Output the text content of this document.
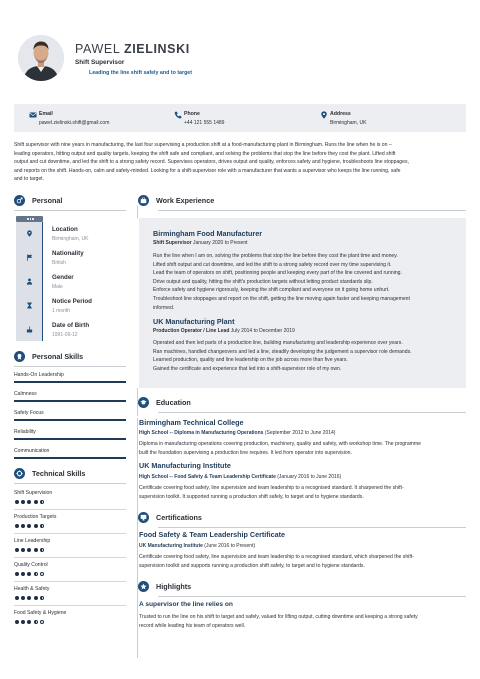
PAWEL ZIELINSKI
Shift Supervisor
Leading the line shift safely and to target
Email
pawel.zielinski.shift@gmail.com
Phone
+44 121 555 1489
Address
Birmingham, UK
Shift supervisor with nine years in manufacturing, the last four supervising a production shift at a food-manufacturing plant in Birmingham. Runs the line when he is on –
leading operators, hitting output and quality targets, keeping the shift safe and compliant, and solving the problems that stop the line before they cost the plant. Lifted shift
output and cut downtime, and led the shift to a strong safety record. Supervises operators, drives output and quality, enforces safety and hygiene, troubleshoots line stoppages,
and reports on the shift. Hands-on, calm and safety-minded. Looking for a shift-supervisor role with a manufacturer that wants a supervisor who keeps the line running, safe
and to target.
Personal
Location
Birmingham, UK
Nationality
British
Gender
Male
Notice Period
1 month
Date of Birth
1991-09-12
Personal Skills
Hands-On Leadership
Calmness
Safety Focus
Reliability
Communication
Technical Skills
Shift Supervision
Production Targets
Line Leadership
Quality Control
Health & Safety
Food Safety & Hygiene
Work Experience
Birmingham Food Manufacturer
Shift Supervisor January 2020 to Present
Run the line when I am on, solving the problems that stop the line before they cost the plant time and money.
Lifted shift output and cut downtime, and led the shift to a strong safety record over my time supervising it.
Lead the team of operators on shift, positioning people and keeping every part of the line covered and running.
Drive output and quality, hitting the shift's production targets without letting product standards slip.
Enforce safety and hygiene rigorously, keeping the shift compliant and everyone on it going home unhurt.
Troubleshoot line stoppages and report on the shift, getting the line moving again faster and keeping management
informed.
UK Manufacturing Plant
Production Operator / Line Lead July 2014 to December 2019
Operated and then led parts of a production line, building manufacturing and leadership experience over years.
Ran machines, handled changeovers and led a line, steadily developing the judgement a supervisor role demands.
Learned production, quality and line leadership on the job across more than five years.
Gained the certificate and experience that led into a shift-supervisor role of my own.
Education
Birmingham Technical College
High School -- Diploma in Manufacturing Operations (September 2012 to June 2014)
Diploma in manufacturing operations covering production, machinery, quality and safety, with workshop time. The programme
built the foundation supervising a production line requires. It led from operator into supervision.
UK Manufacturing Institute
High School -- Food Safety & Team Leadership Certificate (January 2016 to June 2016)
Certificate covering food safety, line supervision and team leadership to a recognised standard. It sharpened the shift-
supervision toolkit. It supported running a production shift safely, to target and to hygiene standards.
Certifications
Food Safety & Team Leadership Certificate
UK Manufacturing Institute (June 2016 to Present)
Certificate covering food safety, line supervision and team leadership to a recognised standard, which sharpened the shift-
supervision toolkit and supports running a production shift safely, to target and to hygiene standards.
Highlights
A supervisor the line relies on
Trusted to run the line on his shift to target and safely, valued for lifting output, cutting downtime and keeping a strong safety
record while leading his team of operators well.
